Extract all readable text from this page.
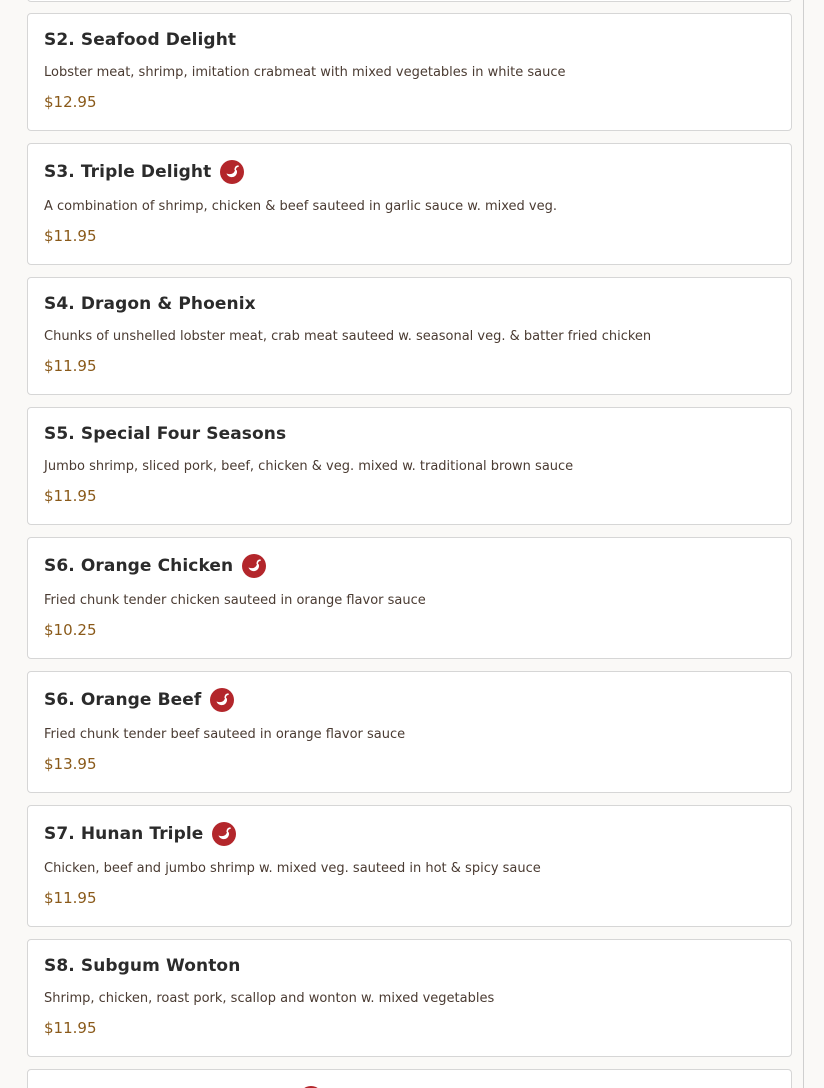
S2. Seafood Delight
Lobster meat, shrimp, imitation crabmeat with mixed vegetables in white sauce
$12.95
S3. Triple Delight
A combination of shrimp, chicken & beef sauteed in garlic sauce w. mixed veg.
$11.95
S4. Dragon & Phoenix
Chunks of unshelled lobster meat, crab meat sauteed w. seasonal veg. & batter fried chicken
$11.95
S5. Special Four Seasons
Jumbo shrimp, sliced pork, beef, chicken & veg. mixed w. traditional brown sauce
$11.95
S6. Orange Chicken
Fried chunk tender chicken sauteed in orange flavor sauce
$10.25
S6. Orange Beef
Fried chunk tender beef sauteed in orange flavor sauce
$13.95
S7. Hunan Triple
Chicken, beef and jumbo shrimp w. mixed veg. sauteed in hot & spicy sauce
$11.95
S8. Subgum Wonton
Shrimp, chicken, roast pork, scallop and wonton w. mixed vegetables
$11.95
